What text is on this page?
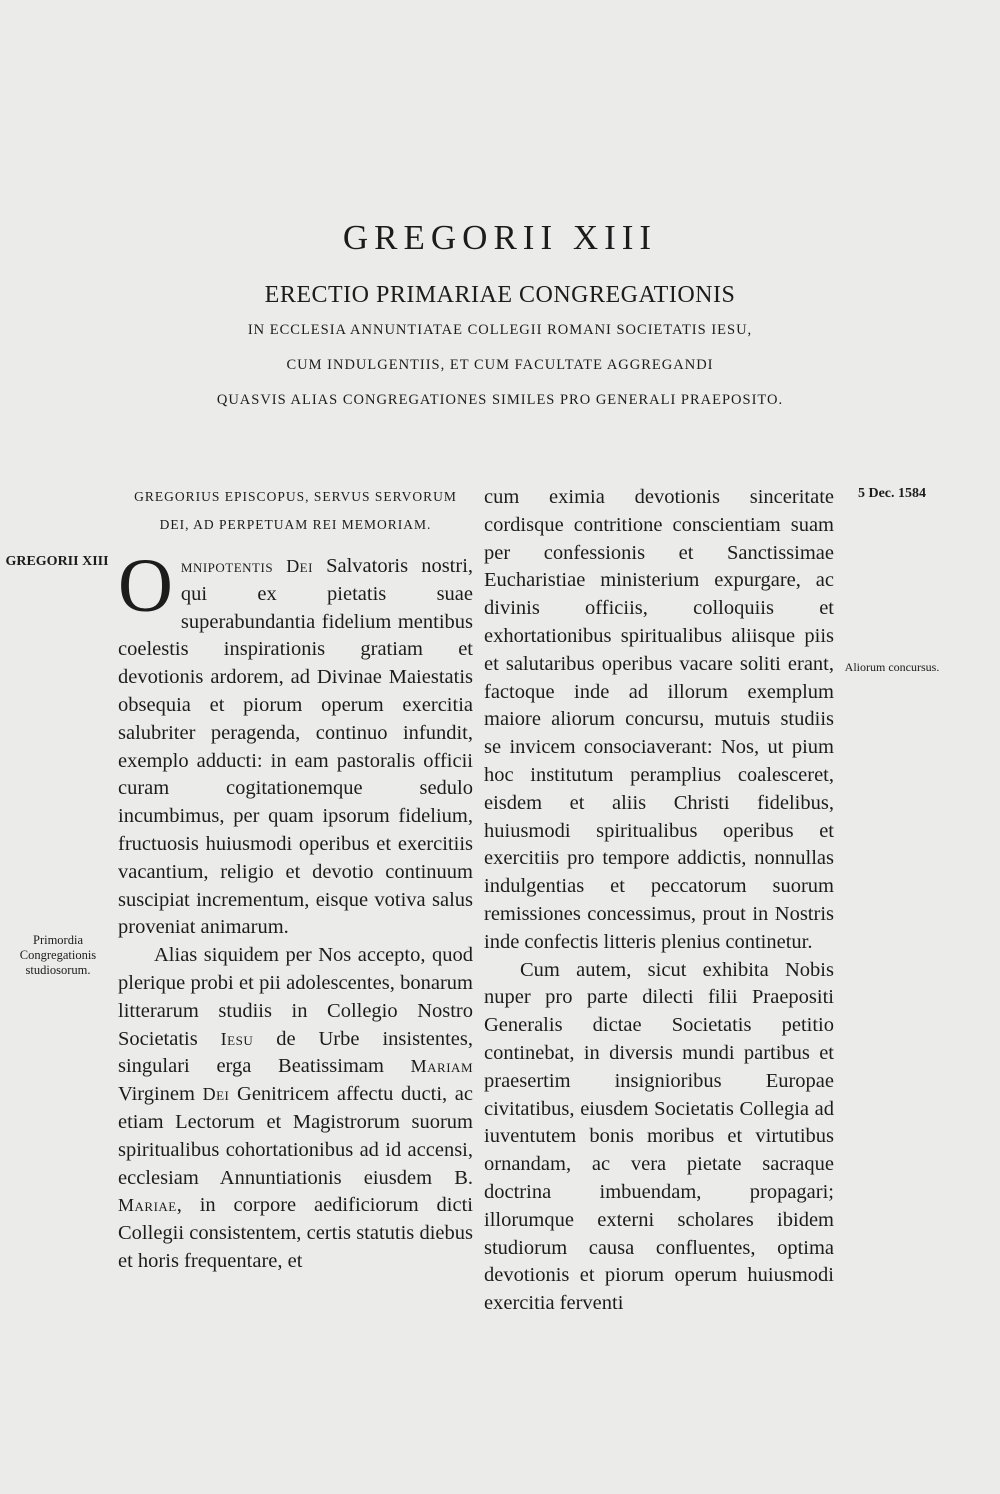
GREGORII XIII
ERECTIO PRIMARIAE CONGREGATIONIS
IN ECCLESIA ANNUNTIATAE COLLEGII ROMANI SOCIETATIS IESU,
CUM INDULGENTIIS, ET CUM FACULTATE AGGREGANDI
QUASVIS ALIAS CONGREGATIONES SIMILES PRO GENERALI PRAEPOSITO.
GREGORIUS EPISCOPUS, SERVUS SERVORUM
DEI, AD PERPETUAM REI MEMORIAM.

Omnipotentis Dei Salvatoris nostri, qui ex pietatis suae superabundantia fidelium mentibus coelestis inspirationis gratiam et devotionis ardorem, ad Divinae Maiestatis obsequia et piorum operum exercitia salubriter peragenda, continuo infundit, exemplo adducti: in eam pastoralis officii curam cogitationemque sedulo incumbimus, per quam ipsorum fidelium, fructuosis huiusmodi operibus et exercitiis vacantium, religio et devotio continuum suscipiat incrementum, eisque votiva salus proveniat animarum.

Alias siquidem per Nos accepto, quod plerique probi et pii adolescentes, bonarum litterarum studiis in Collegio Nostro Societatis Iesu de Urbe insistentes, singulari erga Beatissimam Mariam Virginem Dei Genitricem affectu ducti, ac etiam Lectorum et Magistrorum suorum spiritualibus cohortationibus ad id accensi, ecclesiam Annuntiationis eiusdem B. Mariae, in corpore aedificiorum dicti Collegii consistentem, certis statutis diebus et horis frequentare, et

cum eximia devotionis sinceritate cordisque contritione conscientiam suam per confessionis et Sanctissimae Eucharistiae ministerium expurgare, ac divinis officiis, colloquiis et exhortationibus spiritualibus aliisque piis et salutaribus operibus vacare soliti erant, factoque inde ad illorum exemplum maiore aliorum concursu, mutuis studiis se invicem consociaverant: Nos, ut pium hoc institutum peramplius coalesceret, eisdem et aliis Christi fidelibus, huiusmodi spiritualibus operibus et exercitiis pro tempore addictis, nonnullas indulgentias et peccatorum suorum remissiones concessimus, prout in Nostris inde confectis litteris plenius continetur.

Cum autem, sicut exhibita Nobis nuper pro parte dilecti filii Praepositi Generalis dictae Societatis petitio continebat, in diversis mundi partibus et praesertim insignioribus Europae civitatibus, eiusdem Societatis Collegia ad iuventutem bonis moribus et virtutibus ornandam, ac vera pietate sacraque doctrina imbuendam, propagari; illorumque externi scholares ibidem studiorum causa confluentes, optima devotionis et piorum operum huiusmodi exercitia ferventi

GREGORII XIII
Primordia Congregationis studiosorum.
5 Dec. 1584
Aliorum concursus.
